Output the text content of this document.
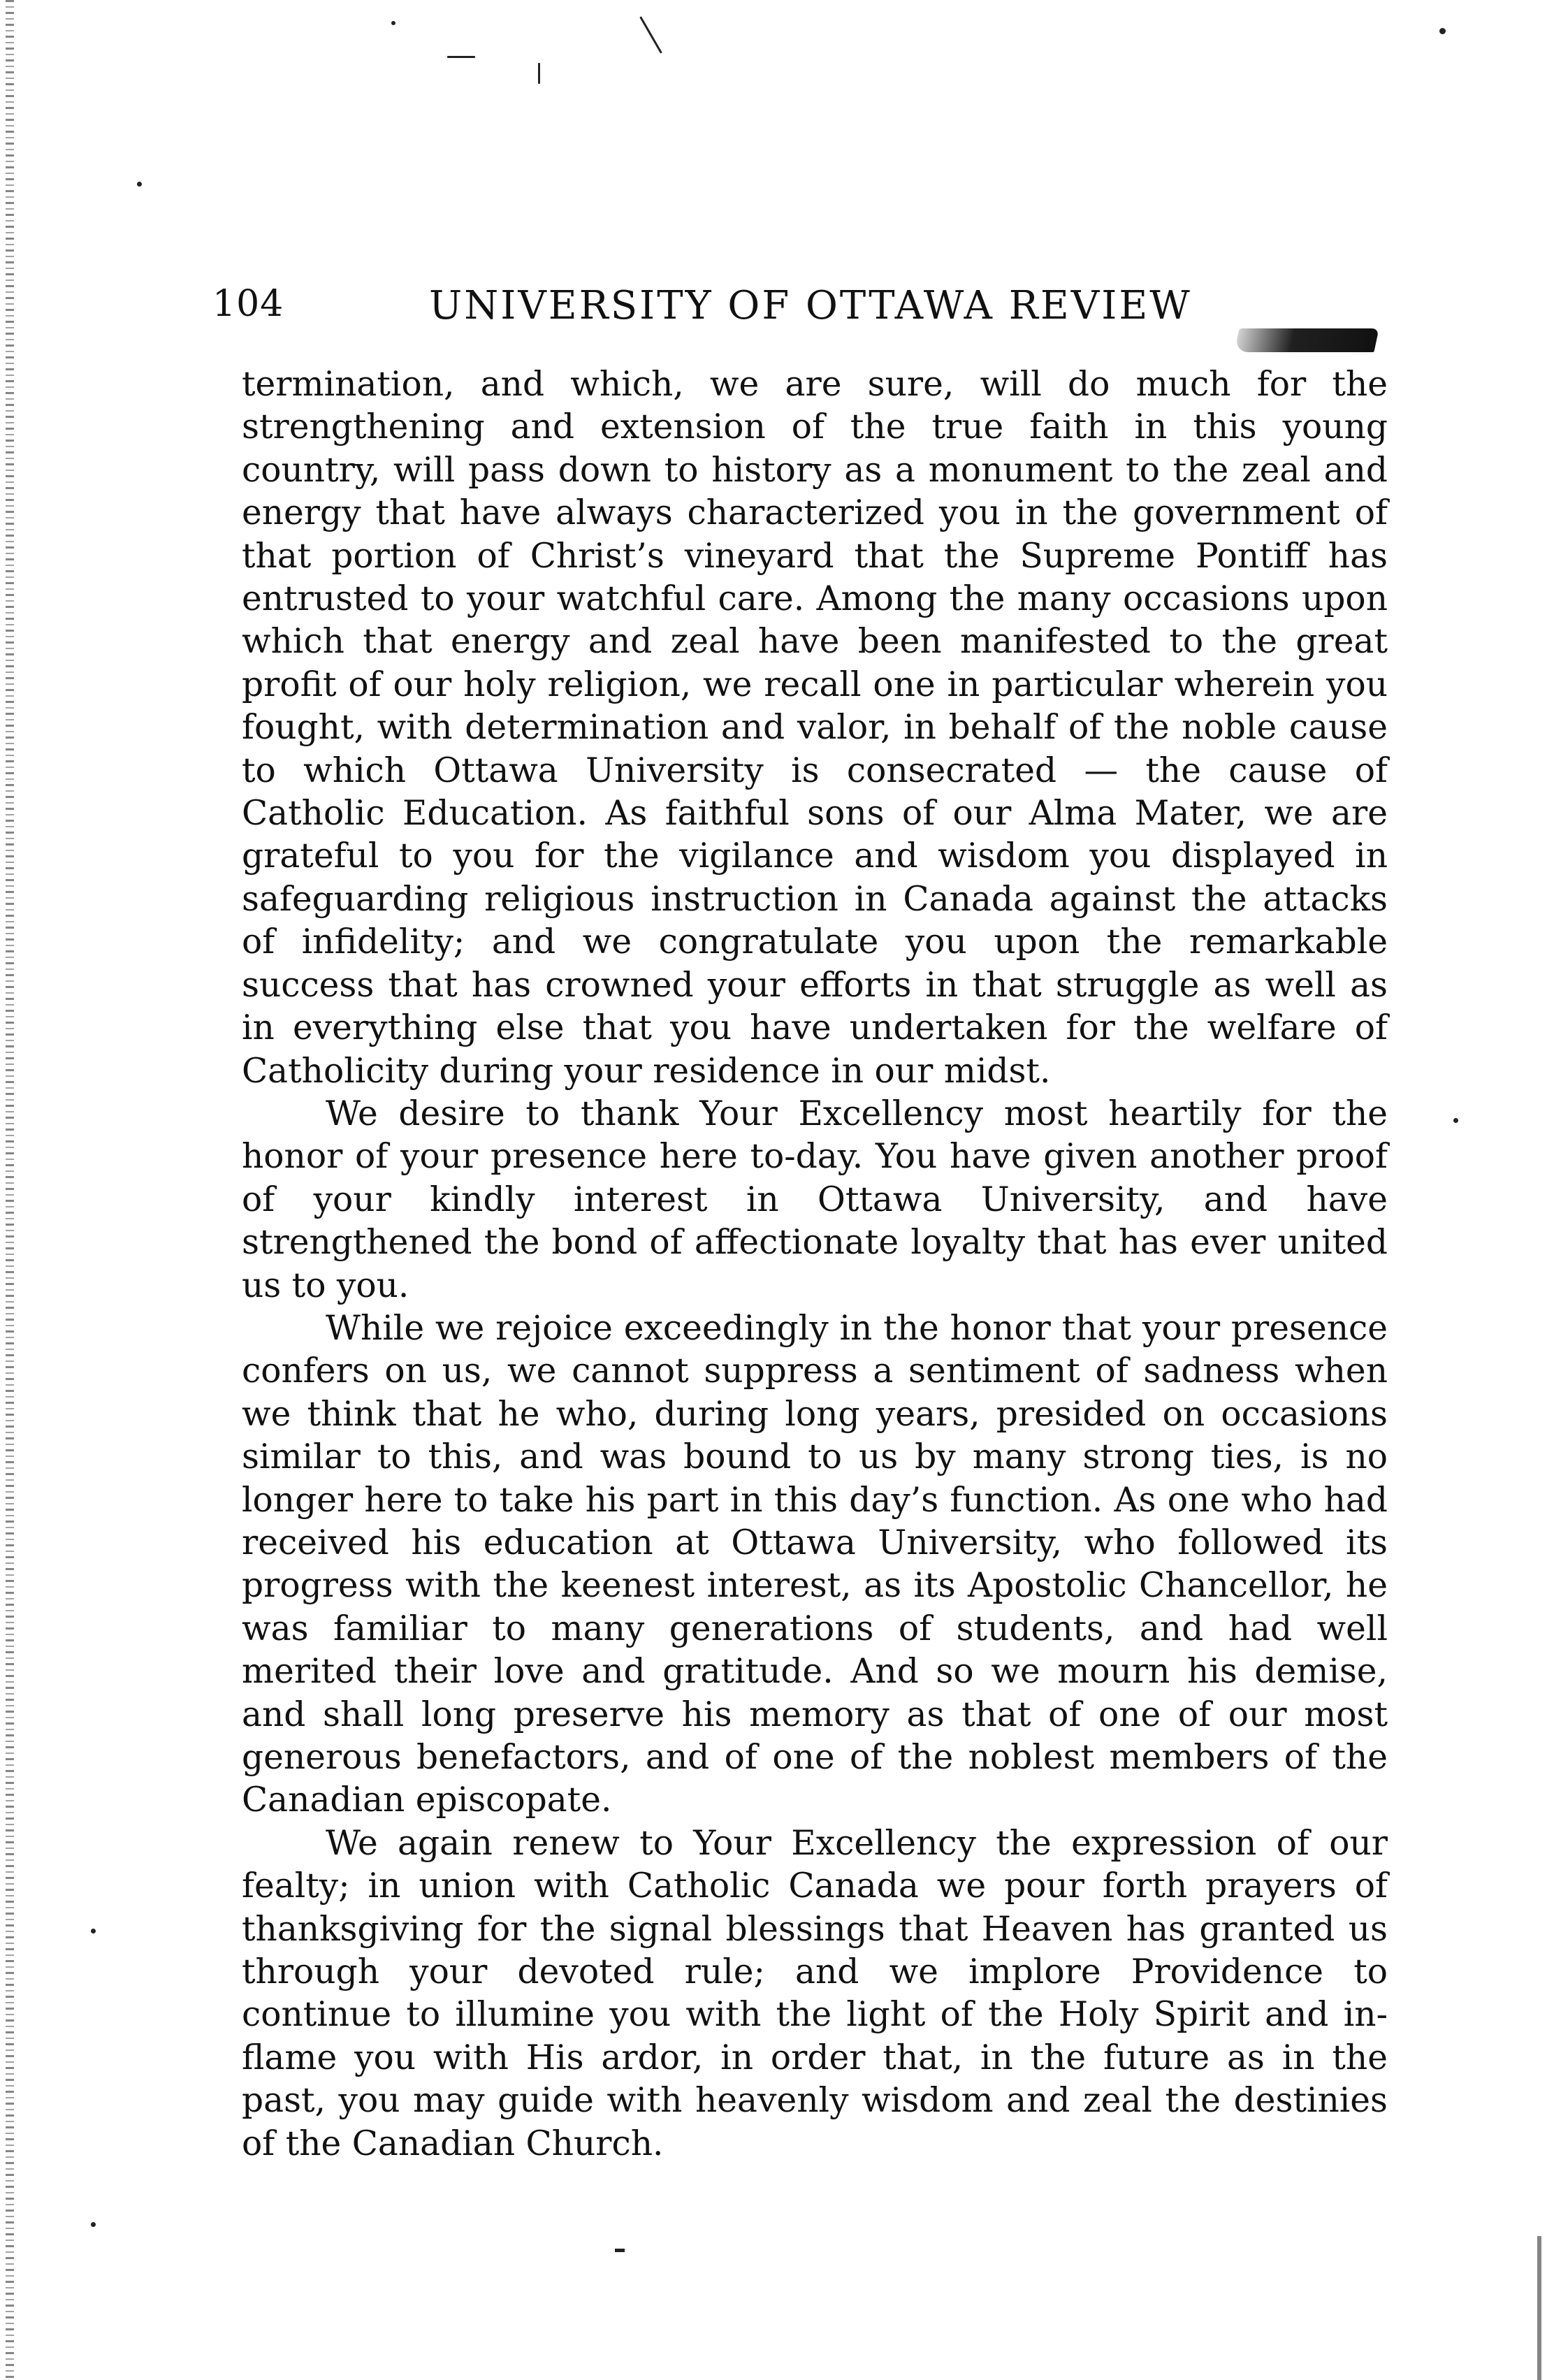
104	UNIVERSITY OF OTTAWA REVIEW

termination, and which, we are sure, will do much for the strengthening and extension of the true faith in this young country, will pass down to history as a monument to the zeal and energy that have always characterized you in the government of that portion of Christ’s vineyard that the Supreme Pontiff has entrusted to your watchful care. Among the many occasions upon which that energy and zeal have been manifested to the great profit of our holy religion, we recall one in particular wherein you fought, with determination and valor, in behalf of the noble cause to which Ottawa University is consecrated — the cause of Catholic Education. As faithful sons of our Alma Mater, we are grateful to you for the vigilance and wisdom you displayed in safeguarding religious instruction in Canada against the attacks of infidelity; and we congratulate you upon the remarkable success that has crowned your efforts in that struggle as well as in everything else that you have undertaken for the welfare of Catholicity during your residence in our midst.

We desire to thank Your Excellency most heartily for the honor of your presence here to-day. You have given another proof of your kindly interest in Ottawa University, and have strengthened the bond of affectionate loyalty that has ever united us to you.

While we rejoice exceedingly in the honor that your presence confers on us, we cannot suppress a sentiment of sadness when we think that he who, during long years, presided on occasions similar to this, and was bound to us by many strong ties, is no longer here to take his part in this day’s function. As one who had received his education at Ottawa University, who followed its progress with the keenest interest, as its Apostolic Chancellor, he was familiar to many generations of students, and had well merited their love and gratitude. And so we mourn his demise, and shall long preserve his memory as that of one of our most generous benefactors, and of one of the noblest members of the Canadian episcopate.

We again renew to Your Excellency the expression of our fealty; in union with Catholic Canada we pour forth prayers of thanksgiving for the signal blessings that Heaven has granted us through your devoted rule; and we implore Providence to continue to illumine you with the light of the Holy Spirit and inflame you with His ardor, in order that, in the future as in the past, you may guide with heavenly wisdom and zeal the destinies of the Canadian Church.
